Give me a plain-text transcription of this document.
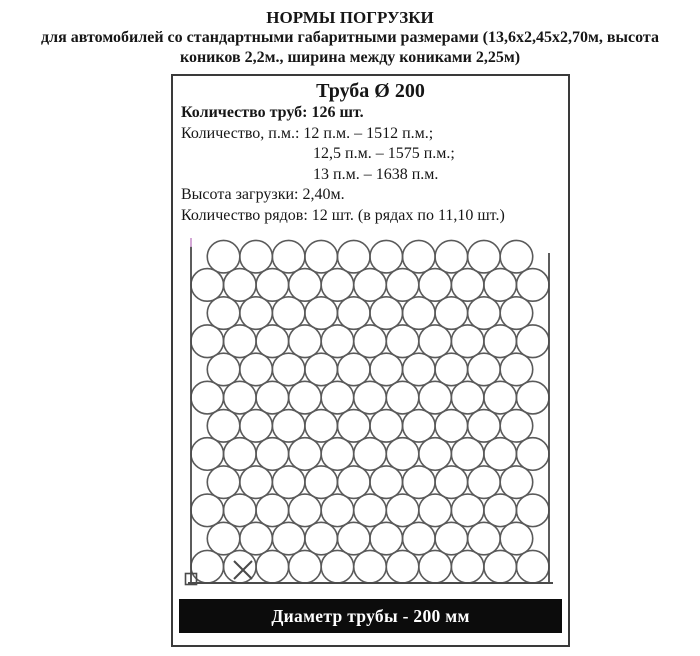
НОРМЫ ПОГРУЗКИ
для автомобилей со стандартными габаритными размерами (13,6х2,45х2,70м, высота
коников 2,2м., ширина между кониками 2,25м)
Труба Ø 200
Количество труб: 126 шт.
Количество, п.м.: 12 п.м. – 1512 п.м.;
12,5 п.м. – 1575 п.м.;
13 п.м. – 1638 п.м.
Высота загрузки: 2,40м.
Количество рядов: 12 шт. (в рядах по 11,10 шт.)
Диаметр трубы - 200 мм
